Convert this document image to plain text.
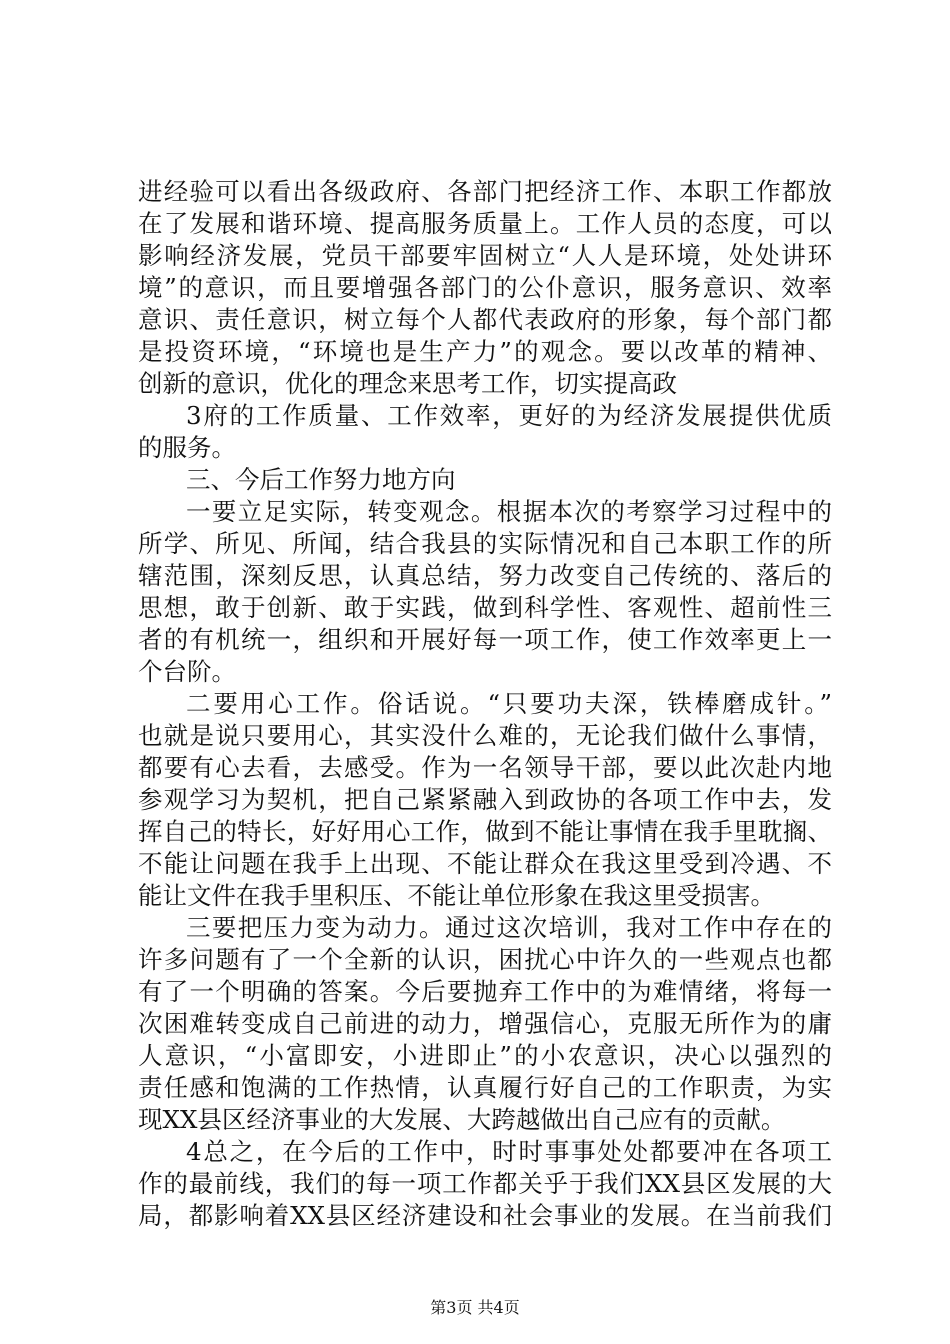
进经验可以看出各级政府、各部门把经济工作、本职工作都放
在了发展和谐环境、提高服务质量上。工作人员的态度，可以
影响经济发展，党员干部要牢固树立“人人是环境，处处讲环
境”的意识，而且要增强各部门的公仆意识，服务意识、效率
意识、责任意识，树立每个人都代表政府的形象，每个部门都
是投资环境，“环境也是生产力”的观念。要以改革的精神、
创新的意识，优化的理念来思考工作，切实提高政
3府的工作质量、工作效率，更好的为经济发展提供优质
的服务。
三、今后工作努力地方向
一要立足实际，转变观念。根据本次的考察学习过程中的
所学、所见、所闻，结合我县的实际情况和自己本职工作的所
辖范围，深刻反思，认真总结，努力改变自己传统的、落后的
思想，敢于创新、敢于实践，做到科学性、客观性、超前性三
者的有机统一，组织和开展好每一项工作，使工作效率更上一
个台阶。
二要用心工作。俗话说。“只要功夫深，铁棒磨成针。”
也就是说只要用心，其实没什么难的，无论我们做什么事情，
都要有心去看，去感受。作为一名领导干部，要以此次赴内地
参观学习为契机，把自己紧紧融入到政协的各项工作中去，发
挥自己的特长，好好用心工作，做到不能让事情在我手里耽搁、
不能让问题在我手上出现、不能让群众在我这里受到冷遇、不
能让文件在我手里积压、不能让单位形象在我这里受损害。
三要把压力变为动力。通过这次培训，我对工作中存在的
许多问题有了一个全新的认识，困扰心中许久的一些观点也都
有了一个明确的答案。今后要抛弃工作中的为难情绪，将每一
次困难转变成自己前进的动力，增强信心，克服无所作为的庸
人意识，“小富即安，小进即止”的小农意识，决心以强烈的
责任感和饱满的工作热情，认真履行好自己的工作职责，为实
现XX县区经济事业的大发展、大跨越做出自己应有的贡献。
4总之，在今后的工作中，时时事事处处都要冲在各项工
作的最前线，我们的每一项工作都关乎于我们XX县区发展的大
局，都影响着XX县区经济建设和社会事业的发展。在当前我们
第3页 共4页
